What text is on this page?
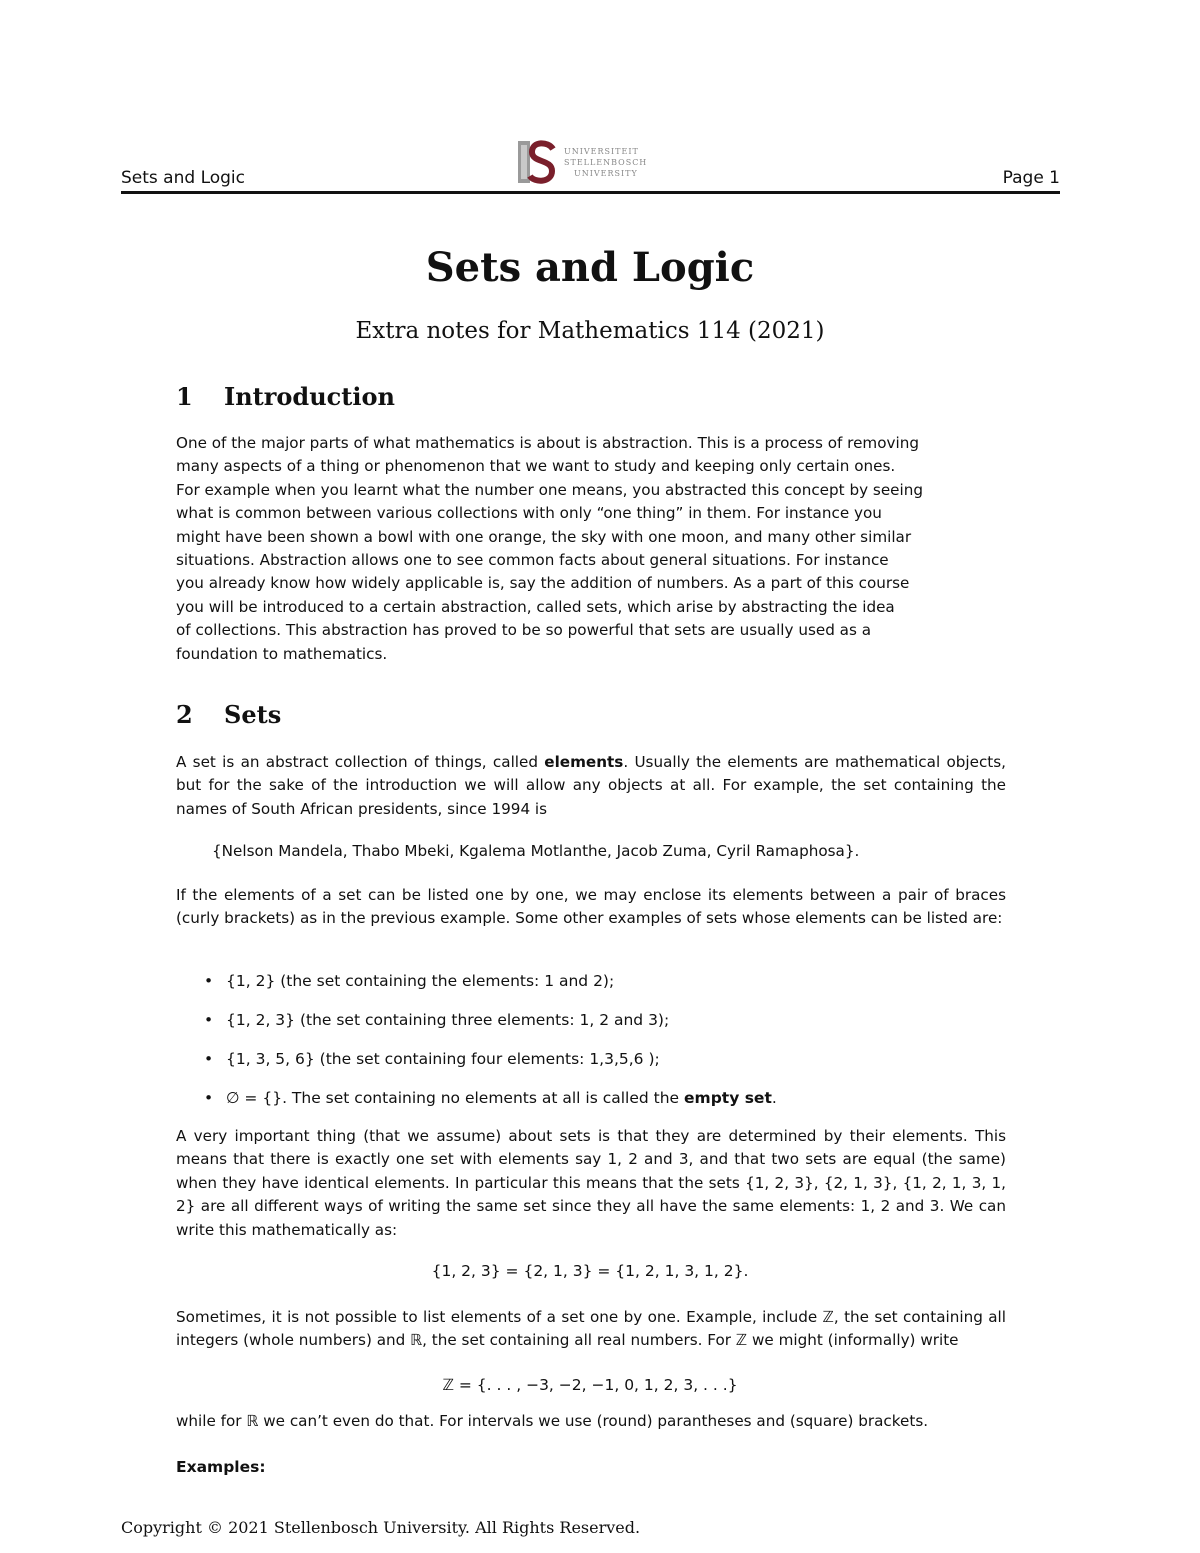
Sets and Logic
UNIVERSITEIT
STELLENBOSCH
UNIVERSITY	Page 1
Sets and Logic
Extra notes for Mathematics 114 (2021)
1 Introduction
One of the major parts of what mathematics is about is abstraction. This is a process of removing
many aspects of a thing or phenomenon that we want to study and keeping only certain ones.
For example when you learnt what the number one means, you abstracted this concept by seeing
what is common between various collections with only “one thing” in them. For instance you
might have been shown a bowl with one orange, the sky with one moon, and many other similar
situations. Abstraction allows one to see common facts about general situations. For instance
you already know how widely applicable is, say the addition of numbers. As a part of this course
you will be introduced to a certain abstraction, called sets, which arise by abstracting the idea
of collections. This abstraction has proved to be so powerful that sets are usually used as a
foundation to mathematics.
2 Sets

A set is an abstract collection of things, called elements. Usually the elements are mathematical objects, but for the sake of the introduction we will allow any objects at all. For example, the set containing the names of South African presidents, since 1994 is

{Nelson Mandela, Thabo Mbeki, Kgalema Motlanthe, Jacob Zuma, Cyril Ramaphosa}.

If the elements of a set can be listed one by one, we may enclose its elements between a pair of braces (curly brackets) as in the previous example. Some other examples of sets whose elements can be listed are:

• {1, 2} (the set containing the elements: 1 and 2);
• {1, 2, 3} (the set containing three elements: 1, 2 and 3);
• {1, 3, 5, 6} (the set containing four elements: 1,3,5,6 );
• ∅ = {}. The set containing no elements at all is called the empty set.

A very important thing (that we assume) about sets is that they are determined by their elements. This means that there is exactly one set with elements say 1, 2 and 3, and that two sets are equal (the same) when they have identical elements. In particular this means that the sets {1, 2, 3}, {2, 1, 3}, {1, 2, 1, 3, 1, 2} are all different ways of writing the same set since they all have the same elements: 1, 2 and 3. We can write this mathematically as:

{1, 2, 3} = {2, 1, 3} = {1, 2, 1, 3, 1, 2}.

Sometimes, it is not possible to list elements of a set one by one. Example, include ℤ, the set containing all integers (whole numbers) and ℝ, the set containing all real numbers. For ℤ we might (informally) write

ℤ = {. . . , −3, −2, −1, 0, 1, 2, 3, . . .}

while for ℝ we can’t even do that. For intervals we use (round) parantheses and (square) brackets.

Examples:
Copyright © 2021 Stellenbosch University. All Rights Reserved.
